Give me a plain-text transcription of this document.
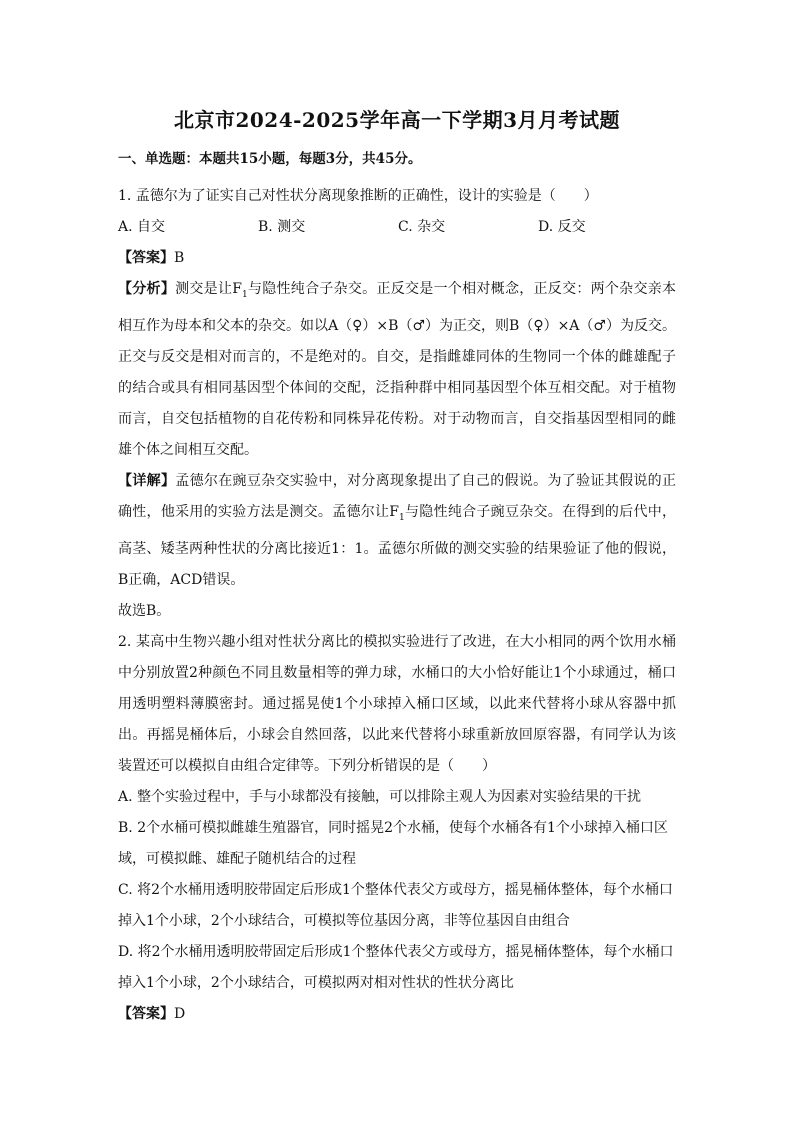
北京市2024-2025学年高一下学期3月月考试题

一、单选题：本题共15小题，每题3分，共45分。

1. 孟德尔为了证实自己对性状分离现象推断的正确性，设计的实验是（　　）

A. 自交	B. 测交	C. 杂交	D. 反交

【答案】B

【分析】测交是让$F_1$与隐性纯合子杂交。正反交是一个相对概念，正反交：两个杂交亲本相互作为母本和父本的杂交。如以A（♀）×B（♂）为正交，则B（♀）×A（♂）为反交。正交与反交是相对而言的，不是绝对的。自交，是指雌雄同体的生物同一个体的雌雄配子的结合或具有相同基因型个体间的交配，泛指种群中相同基因型个体互相交配。对于植物而言，自交包括植物的自花传粉和同株异花传粉。对于动物而言，自交指基因型相同的雌雄个体之间相互交配。

【详解】孟德尔在豌豆杂交实验中，对分离现象提出了自己的假说。为了验证其假说的正确性，他采用的实验方法是测交。孟德尔让$F_1$与隐性纯合子豌豆杂交。在得到的后代中，高茎、矮茎两种性状的分离比接近1：1。孟德尔所做的测交实验的结果验证了他的假说，B正确，ACD错误。

故选B。

2. 某高中生物兴趣小组对性状分离比的模拟实验进行了改进，在大小相同的两个饮用水桶中分别放置2种颜色不同且数量相等的弹力球，水桶口的大小恰好能让1个小球通过，桶口用透明塑料薄膜密封。通过摇晃使1个小球掉入桶口区域，以此来代替将小球从容器中抓出。再摇晃桶体后，小球会自然回落，以此来代替将小球重新放回原容器，有同学认为该装置还可以模拟自由组合定律等。下列分析错误的是（　　）

A. 整个实验过程中，手与小球都没有接触，可以排除主观人为因素对实验结果的干扰

B. 2个水桶可模拟雌雄生殖器官，同时摇晃2个水桶，使每个水桶各有1个小球掉入桶口区域，可模拟雌、雄配子随机结合的过程

C. 将2个水桶用透明胶带固定后形成1个整体代表父方或母方，摇晃桶体整体，每个水桶口掉入1个小球，2个小球结合，可模拟等位基因分离，非等位基因自由组合

D. 将2个水桶用透明胶带固定后形成1个整体代表父方或母方，摇晃桶体整体，每个水桶口掉入1个小球，2个小球结合，可模拟两对相对性状的性状分离比

【答案】D
